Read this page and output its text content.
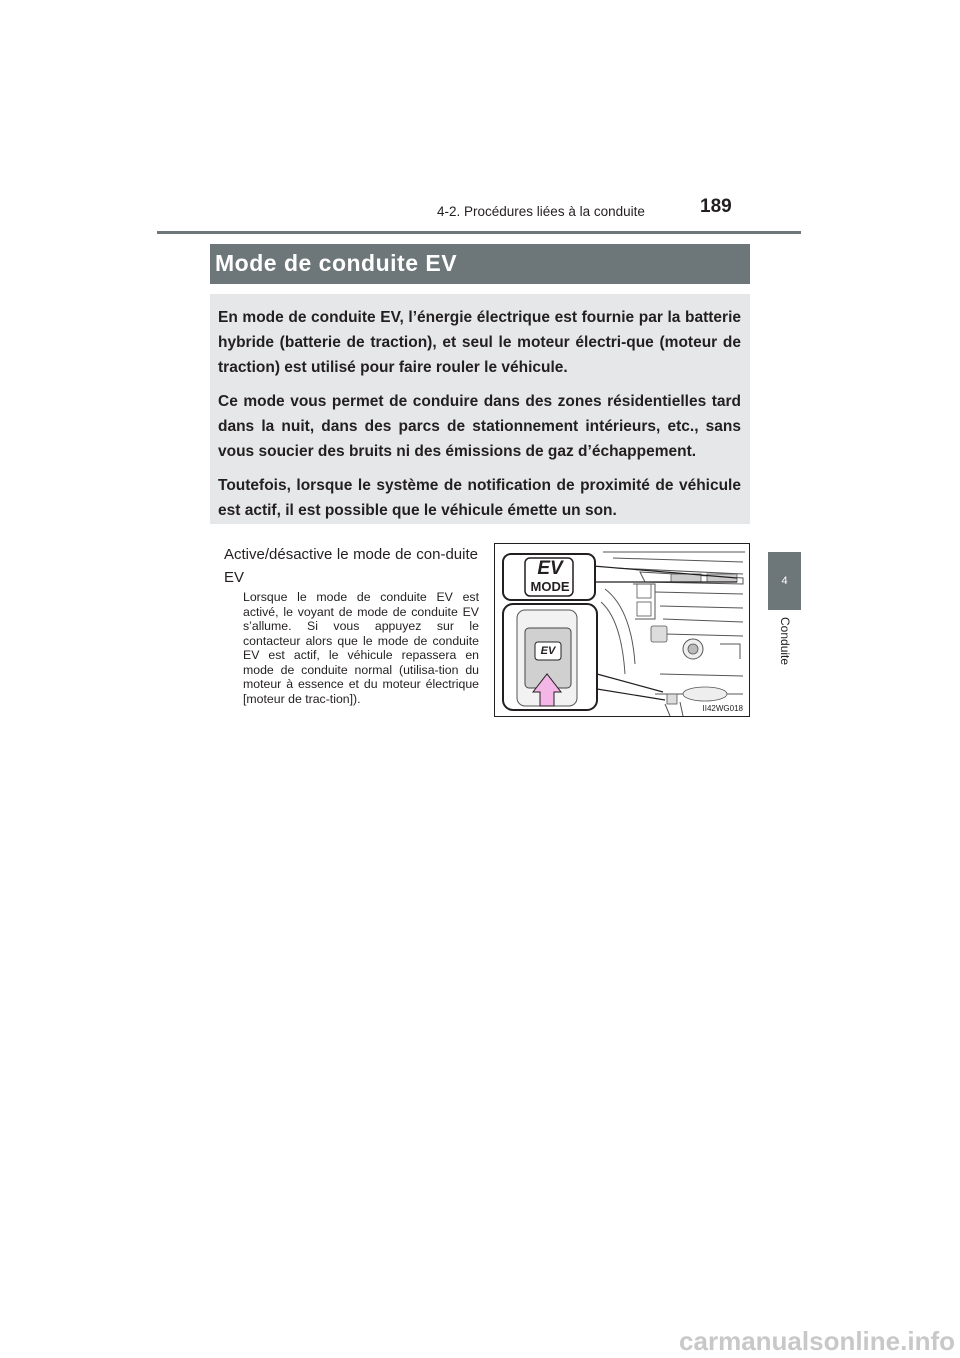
4-2. Procédures liées à la conduite	189
4
Conduite
Mode de conduite EV

En mode de conduite EV, l’énergie électrique est fournie par la batterie hybride (batterie de traction), et seul le moteur électri-que (moteur de traction) est utilisé pour faire rouler le véhicule.

Ce mode vous permet de conduire dans des zones résidentielles tard dans la nuit, dans des parcs de stationnement intérieurs, etc., sans vous soucier des bruits ni des émissions de gaz d’échappement.

Toutefois, lorsque le système de notification de proximité de véhicule est actif, il est possible que le véhicule émette un son.

Active/désactive le mode de con-duite EV
Lorsque le mode de conduite EV est activé, le voyant de mode de conduite EV s’allume. Si vous appuyez sur le contacteur alors que le mode de conduite EV est actif, le véhicule repassera en mode de conduite normal (utilisa-tion du moteur à essence et du moteur électrique [moteur de trac-tion]).
EV
MODE
EV
II42WG018
carmanualsonline.info
